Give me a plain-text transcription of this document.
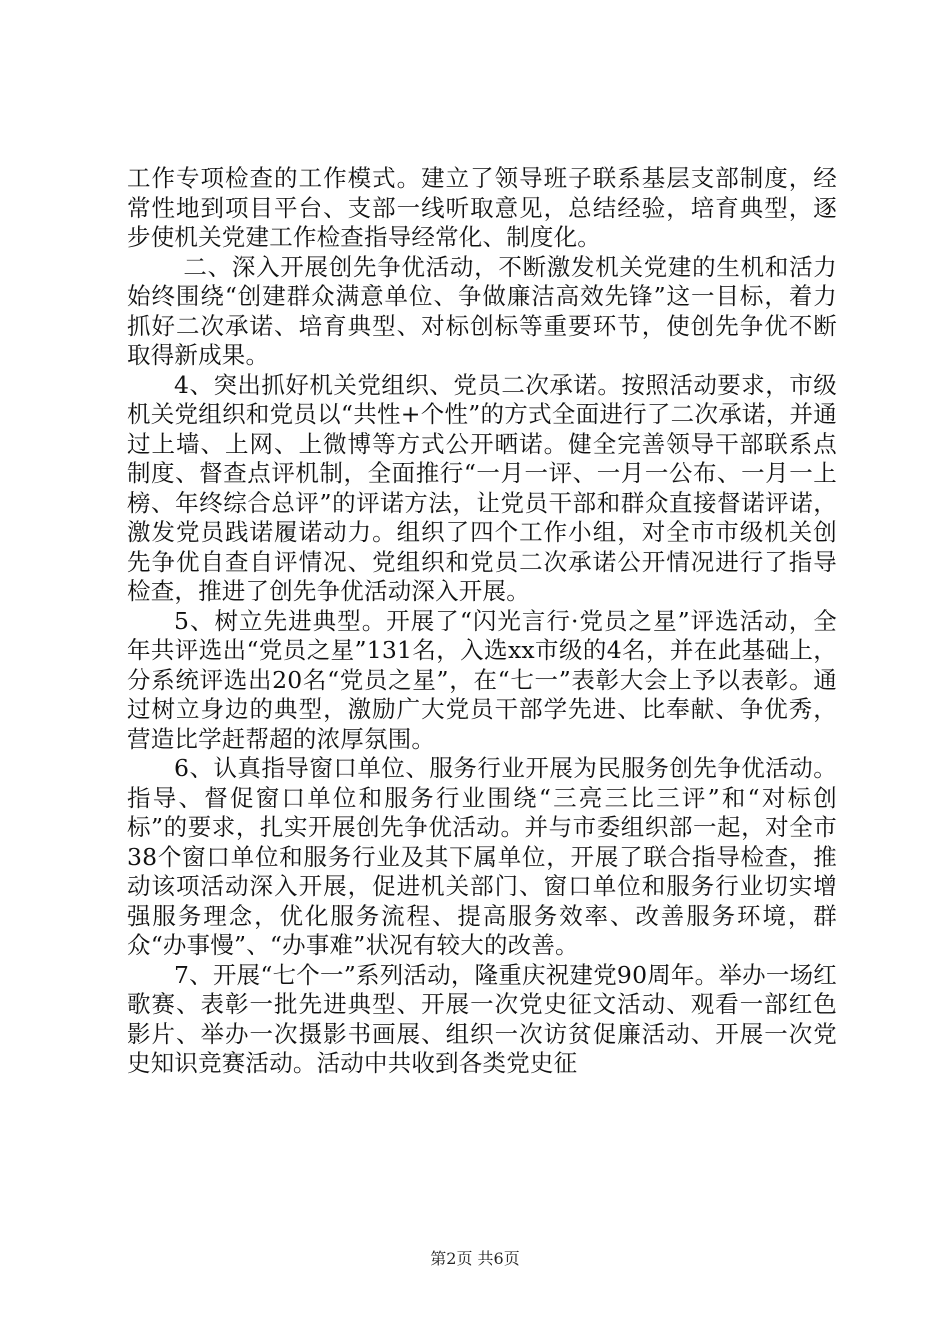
工作专项检查的工作模式。建立了领导班子联系基层支部制度，经常性地到项目平台、支部一线听取意见，总结经验，培育典型，逐步使机关党建工作检查指导经常化、制度化。

二、深入开展创先争优活动，不断激发机关党建的生机和活力始终围绕“创建群众满意单位、争做廉洁高效先锋”这一目标，着力抓好二次承诺、培育典型、对标创标等重要环节，使创先争优不断取得新成果。

4、突出抓好机关党组织、党员二次承诺。按照活动要求，市级机关党组织和党员以“共性+个性”的方式全面进行了二次承诺，并通过上墙、上网、上微博等方式公开晒诺。健全完善领导干部联系点制度、督查点评机制，全面推行“一月一评、一月一公布、一月一上榜、年终综合总评”的评诺方法，让党员干部和群众直接督诺评诺，激发党员践诺履诺动力。组织了四个工作小组，对全市市级机关创先争优自查自评情况、党组织和党员二次承诺公开情况进行了指导检查，推进了创先争优活动深入开展。

5、树立先进典型。开展了“闪光言行·党员之星”评选活动，全年共评选出“党员之星”131名，入选xx市级的4名，并在此基础上，分系统评选出20名“党员之星”，在“七一”表彰大会上予以表彰。通过树立身边的典型，激励广大党员干部学先进、比奉献、争优秀，营造比学赶帮超的浓厚氛围。

6、认真指导窗口单位、服务行业开展为民服务创先争优活动。指导、督促窗口单位和服务行业围绕“三亮三比三评”和“对标创标”的要求，扎实开展创先争优活动。并与市委组织部一起，对全市38个窗口单位和服务行业及其下属单位，开展了联合指导检查，推动该项活动深入开展，促进机关部门、窗口单位和服务行业切实增强服务理念，优化服务流程、提高服务效率、改善服务环境，群众“办事慢”、“办事难”状况有较大的改善。

7、开展“七个一”系列活动，隆重庆祝建党90周年。举办一场红歌赛、表彰一批先进典型、开展一次党史征文活动、观看一部红色影片、举办一次摄影书画展、组织一次访贫促廉活动、开展一次党史知识竞赛活动。活动中共收到各类党史征

第2页 共6页
